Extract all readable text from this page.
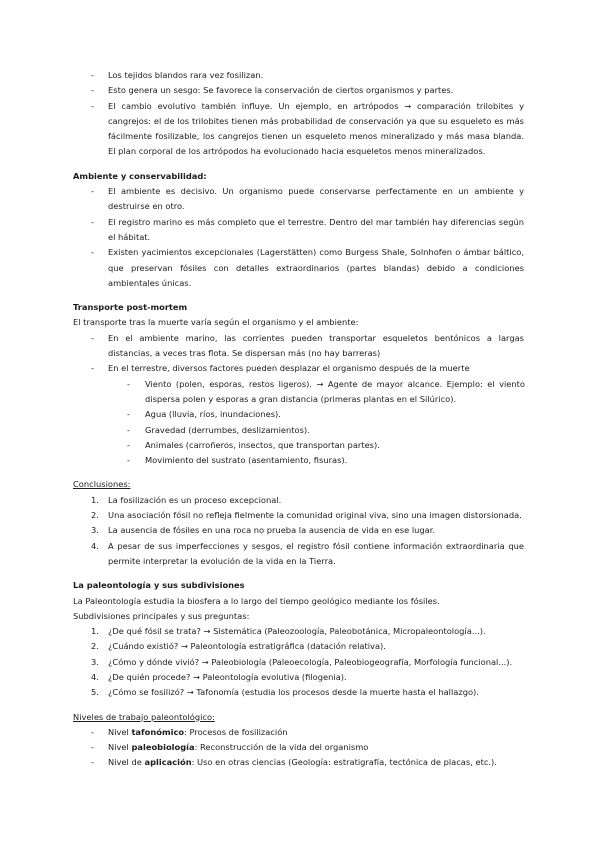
- Los tejidos blandos rara vez fosilizan.
- Esto genera un sesgo: Se favorece la conservación de ciertos organismos y partes.
- El cambio evolutivo también influye. Un ejemplo, en artrópodos → comparación trilobites y cangrejos: el de los trilobites tienen más probabilidad de conservación ya que su esqueleto es más fácilmente fosilizable, los cangrejos tienen un esqueleto menos mineralizado y más masa blanda. El plan corporal de los artrópodos ha evolucionado hacia esqueletos menos mineralizados.
Ambiente y conservabilidad:
- El ambiente es decisivo. Un organismo puede conservarse perfectamente en un ambiente y destruirse en otro.
- El registro marino es más completo que el terrestre. Dentro del mar también hay diferencias según el hábitat.
- Existen yacimientos excepcionales (Lagerstätten) como Burgess Shale, Solnhofen o ámbar báltico, que preservan fósiles con detalles extraordinarios (partes blandas) debido a condiciones ambientales únicas.
Transporte post-mortem
El transporte tras la muerte varía según el organismo y el ambiente:
- En el ambiente marino, las corrientes pueden transportar esqueletos bentónicos a largas distancias, a veces tras flota. Se dispersan más (no hay barreras)
- En el terrestre, diversos factores pueden desplazar el organismo después de la muerte
- Viento (polen, esporas, restos ligeros). → Agente de mayor alcance. Ejemplo: el viento dispersa polen y esporas a gran distancia (primeras plantas en el Silúrico).
- Agua (lluvia, ríos, inundaciones).
- Gravedad (derrumbes, deslizamientos).
- Animales (carroñeros, insectos, que transportan partes).
- Movimiento del sustrato (asentamiento, fisuras).
Conclusiones:
1. La fosilización es un proceso excepcional.
2. Una asociación fósil no refleja fielmente la comunidad original viva, sino una imagen distorsionada.
3. La ausencia de fósiles en una roca no prueba la ausencia de vida en ese lugar.
4. A pesar de sus imperfecciones y sesgos, el registro fósil contiene información extraordinaria que permite interpretar la evolución de la vida en la Tierra.
La paleontología y sus subdivisiones
La Paleontología estudia la biosfera a lo largo del tiempo geológico mediante los fósiles.
Subdivisiones principales y sus preguntas:
1. ¿De qué fósil se trata? → Sistemática (Paleozoología, Paleobotánica, Micropaleontología...).
2. ¿Cuándo existió? → Paleontología estratigráfica (datación relativa).
3. ¿Cómo y dónde vivió? → Paleobiología (Paleoecología, Paleobiogeografía, Morfología funcional...).
4. ¿De quién procede? → Paleontología evolutiva (filogenia).
5. ¿Cómo se fosilizó? → Tafonomía (estudia los procesos desde la muerte hasta el hallazgo).
Niveles de trabajo paleontológico:
- Nivel tafonómico: Procesos de fosilización
- Nivel paleobiología: Reconstrucción de la vida del organismo
- Nivel de aplicación: Uso en otras ciencias (Geología: estratigrafía, tectónica de placas, etc.).
